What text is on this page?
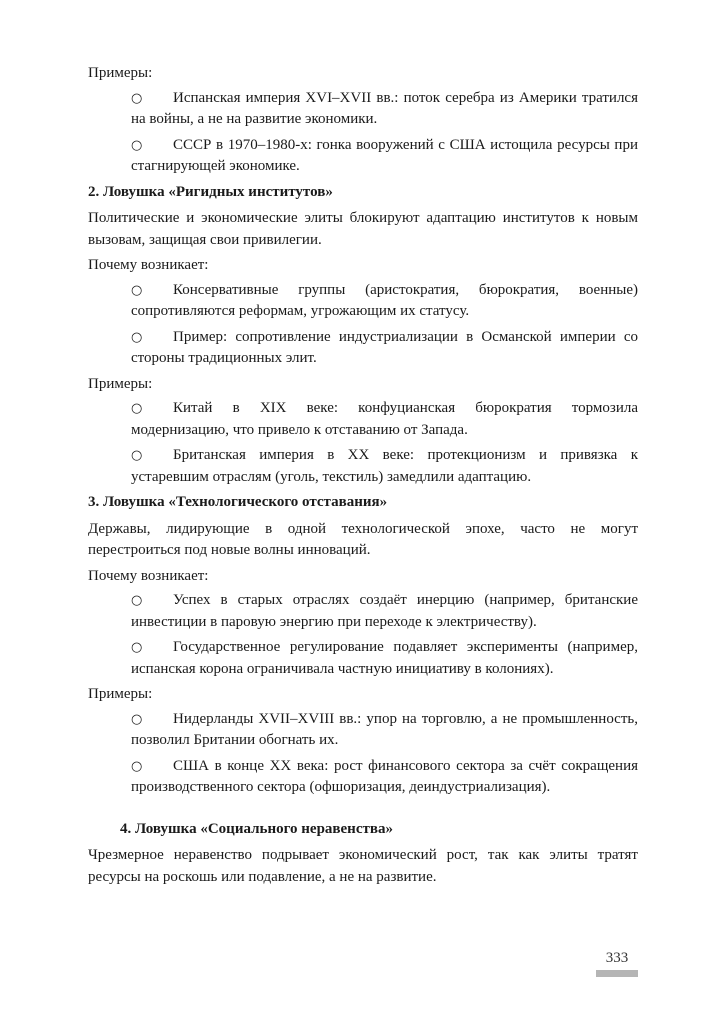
Примеры:

○ Испанская империя XVI–XVII вв.: поток серебра из Америки тратился на войны, а не на развитие экономики.
○ СССР в 1970–1980-х: гонка вооружений с США истощила ресурсы при стагнирующей экономике.

2. Ловушка «Ригидных институтов»

Политические и экономические элиты блокируют адаптацию институтов к новым вызовам, защищая свои привилегии.

Почему возникает:

○ Консервативные группы (аристократия, бюрократия, военные) сопротивляются реформам, угрожающим их статусу.
○ Пример: сопротивление индустриализации в Османской империи со стороны традиционных элит.

Примеры:

○ Китай в XIX веке: конфуцианская бюрократия тормозила модернизацию, что привело к отставанию от Запада.
○ Британская империя в XX веке: протекционизм и привязка к устаревшим отраслям (уголь, текстиль) замедлили адаптацию.

3. Ловушка «Технологического отставания»

Державы, лидирующие в одной технологической эпохе, часто не могут перестроиться под новые волны инноваций.

Почему возникает:

○ Успех в старых отраслях создаёт инерцию (например, британские инвестиции в паровую энергию при переходе к электричеству).
○ Государственное регулирование подавляет эксперименты (например, испанская корона ограничивала частную инициативу в колониях).

Примеры:

○ Нидерланды XVII–XVIII вв.: упор на торговлю, а не промышленность, позволил Британии обогнать их.
○ США в конце XX века: рост финансового сектора за счёт сокращения производственного сектора (офшоризация, деиндустриализация).

4. Ловушка «Социального неравенства»

Чрезмерное неравенство подрывает экономический рост, так как элиты тратят ресурсы на роскошь или подавление, а не на развитие.

333
